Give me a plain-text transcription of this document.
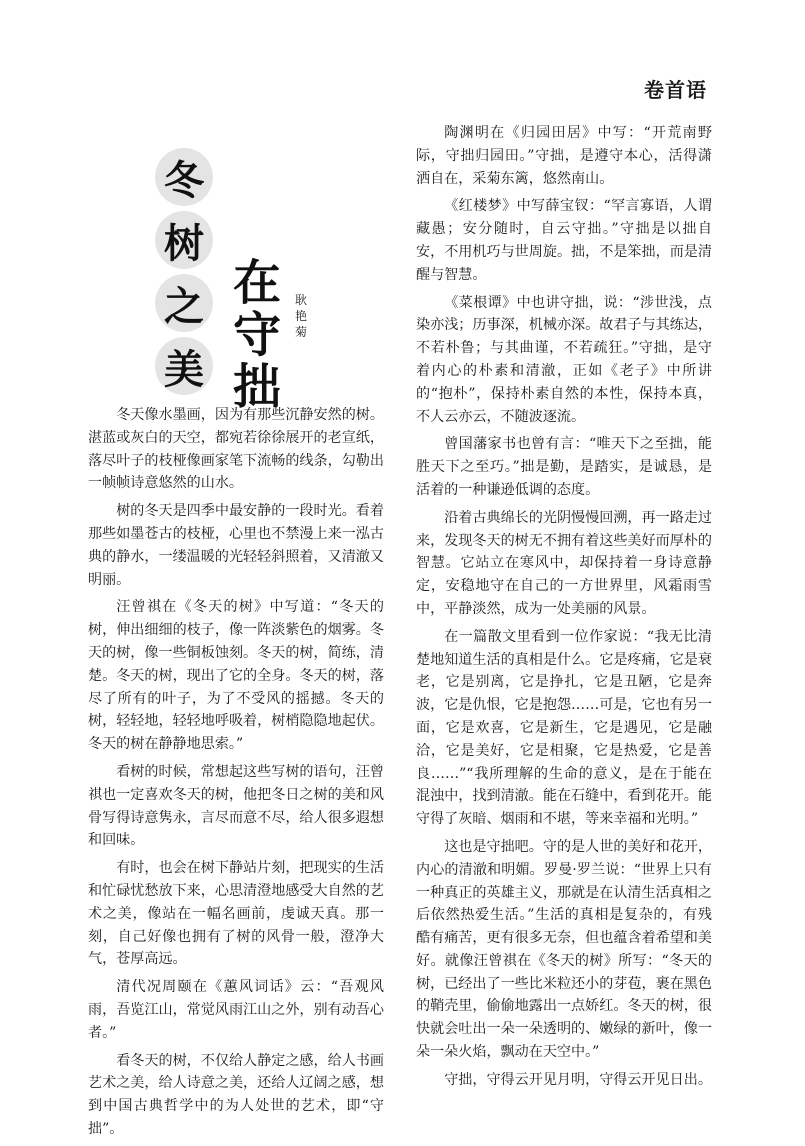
卷首语
冬
树
之
美
在
守
拙
耿艳菊

冬天像水墨画，因为有那些沉静安然的树。湛蓝或灰白的天空，都宛若徐徐展开的老宣纸，落尽叶子的枝桠像画家笔下流畅的线条，勾勒出一帧帧诗意悠然的山水。

树的冬天是四季中最安静的一段时光。看着那些如墨苍古的枝桠，心里也不禁漫上来一泓古典的静水，一缕温暖的光轻轻斜照着，又清澈又明丽。

汪曾祺在《冬天的树》中写道：“冬天的树，伸出细细的枝子，像一阵淡紫色的烟雾。冬天的树，像一些铜板蚀刻。冬天的树，简练，清楚。冬天的树，现出了它的全身。冬天的树，落尽了所有的叶子，为了不受风的摇撼。冬天的树，轻轻地，轻轻地呼吸着，树梢隐隐地起伏。冬天的树在静静地思索。”

看树的时候，常想起这些写树的语句，汪曾祺也一定喜欢冬天的树，他把冬日之树的美和风骨写得诗意隽永，言尽而意不尽，给人很多遐想和回味。

有时，也会在树下静站片刻，把现实的生活和忙碌忧愁放下来，心思清澄地感受大自然的艺术之美，像站在一幅名画前，虔诚天真。那一刻，自己好像也拥有了树的风骨一般，澄净大气，苍厚高远。

清代况周颐在《蕙风词话》云：“吾观风雨，吾览江山，常觉风雨江山之外，别有动吾心者。”

看冬天的树，不仅给人静定之感，给人书画艺术之美，给人诗意之美，还给人辽阔之感，想到中国古典哲学中的为人处世的艺术，即“守拙”。

陶渊明在《归园田居》中写：“开荒南野际，守拙归园田。”守拙，是遵守本心，活得潇洒自在，采菊东篱，悠然南山。

《红楼梦》中写薛宝钗：“罕言寡语，人谓藏愚；安分随时，自云守拙。”守拙是以拙自安，不用机巧与世周旋。拙，不是笨拙，而是清醒与智慧。

《菜根谭》中也讲守拙，说：“涉世浅，点染亦浅；历事深，机械亦深。故君子与其练达，不若朴鲁；与其曲谨，不若疏狂。”守拙，是守着内心的朴素和清澈，正如《老子》中所讲的“抱朴”，保持朴素自然的本性，保持本真，不人云亦云，不随波逐流。

曾国藩家书也曾有言：“唯天下之至拙，能胜天下之至巧。”拙是勤，是踏实，是诚恳，是活着的一种谦逊低调的态度。

沿着古典绵长的光阴慢慢回溯，再一路走过来，发现冬天的树无不拥有着这些美好而厚朴的智慧。它站立在寒风中，却保持着一身诗意静定，安稳地守在自己的一方世界里，风霜雨雪中，平静淡然，成为一处美丽的风景。

在一篇散文里看到一位作家说：“我无比清楚地知道生活的真相是什么。它是疼痛，它是衰老，它是别离，它是挣扎，它是丑陋，它是奔波，它是仇恨，它是抱怨……可是，它也有另一面，它是欢喜，它是新生，它是遇见，它是融洽，它是美好，它是相聚，它是热爱，它是善良……”“我所理解的生命的意义，是在于能在混浊中，找到清澈。能在石缝中，看到花开。能守得了灰暗、烟雨和不堪，等来幸福和光明。”

这也是守拙吧。守的是人世的美好和花开，内心的清澈和明媚。罗曼·罗兰说：“世界上只有一种真正的英雄主义，那就是在认清生活真相之后依然热爱生活。”生活的真相是复杂的，有残酷有痛苦，更有很多无奈，但也蕴含着希望和美好。就像汪曾祺在《冬天的树》所写：“冬天的树，已经出了一些比米粒还小的芽苞，裹在黑色的鞘壳里，偷偷地露出一点娇红。冬天的树，很快就会吐出一朵一朵透明的、嫩绿的新叶，像一朵一朵火焰，飘动在天空中。”

守拙，守得云开见月明，守得云开见日出。
